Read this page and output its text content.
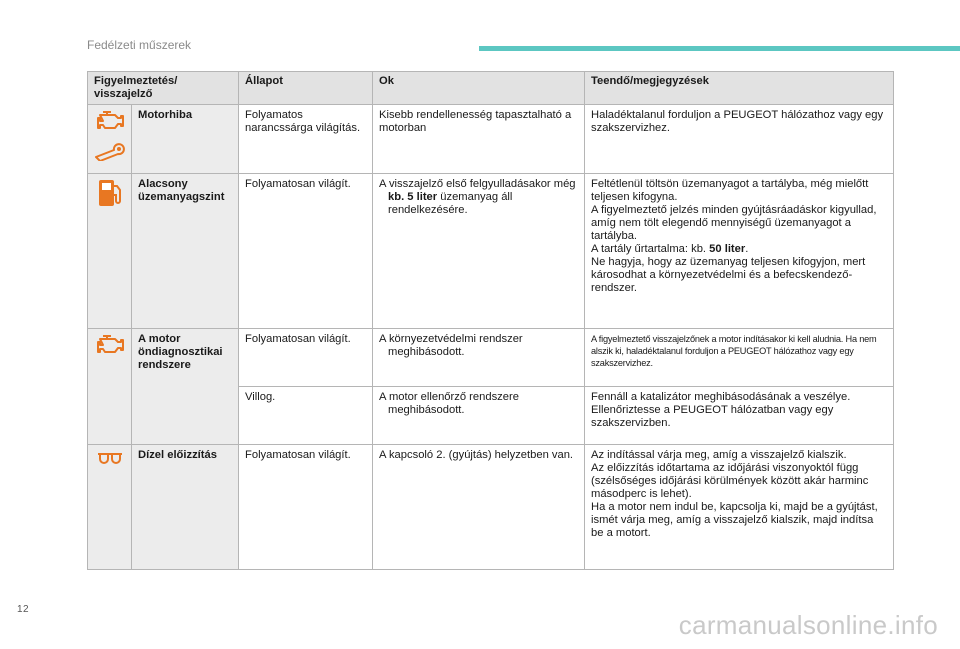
Fedélzeti műszerek
Figyelmeztetés/ visszajelző		Állapot	Ok	Teendő/megjegyzések

	Motorhiba	Folyamatos narancssárga világítás.	Kisebb rendellenesség tapasztalható a motorban	Haladéktalanul forduljon a PEUGEOT hálózathoz vagy egy szakszervizhez.

	Alacsony üzemanyagszint	Folyamatosan világít.	A visszajelző első felgyulladásakor még kb. 5 liter üzemanyag áll rendelkezésére.	Feltétlenül töltsön üzemanyagot a tartályba, még mielőtt teljesen kifogyna.
A figyelmeztető jelzés minden gyújtásráadáskor kigyullad, amíg nem tölt elegendő mennyiségű üzemanyagot a tartályba.
A tartály űrtartalma: kb. 50 liter.
Ne hagyja, hogy az üzemanyag teljesen kifogyjon, mert károsodhat a környezetvédelmi és a befecskendező-rendszer.

	A motor öndiagnosztikai rendszere	Folyamatosan világít.	A környezetvédelmi rendszer meghibásodott.	A figyelmeztető visszajelzőnek a motor indításakor ki kell aludnia. Ha nem alszik ki, haladéktalanul forduljon a PEUGEOT hálózathoz vagy egy szakszervizhez.
		Villog.	A motor ellenőrző rendszere meghibásodott.	Fennáll a katalizátor meghibásodásának a veszélye. Ellenőriztesse a PEUGEOT hálózatban vagy egy szakszervizben.

	Dízel előizzítás	Folyamatosan világít.	A kapcsoló 2. (gyújtás) helyzetben van.	Az indítással várja meg, amíg a visszajelző kialszik.
Az előizzítás időtartama az időjárási viszonyoktól függ (szélsőséges időjárási körülmények között akár harminc másodperc is lehet).
Ha a motor nem indul be, kapcsolja ki, majd be a gyújtást, ismét várja meg, amíg a visszajelző kialszik, majd indítsa be a motort.
12
carmanualsonline.info
